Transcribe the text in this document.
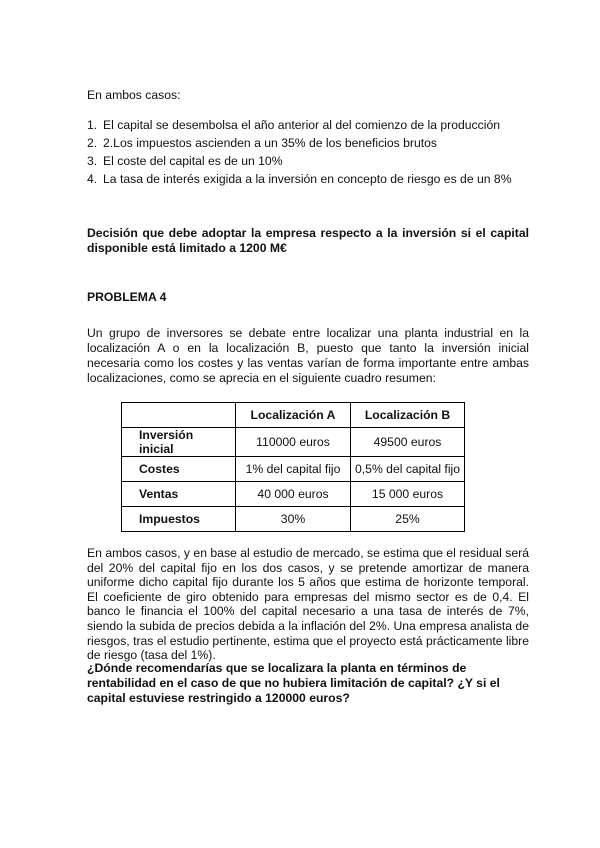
En ambos casos:
1. El capital se desembolsa el año anterior al del comienzo de la producción
2. 2.Los impuestos ascienden a un 35% de los beneficios brutos
3. El coste del capital es de un 10%
4. La tasa de interés exigida a la inversión en concepto de riesgo es de un 8%
Decisión que debe adoptar la empresa respecto a la inversión si el capital disponible está limitado a 1200 M€
PROBLEMA 4
Un grupo de inversores se debate entre localizar una planta industrial en la localización A o en la localización B, puesto que tanto la inversión inicial necesaria como los costes y las ventas varían de forma importante entre ambas localizaciones, como se aprecia en el siguiente cuadro resumen:
	Localización A	Localización B
Inversión inicial	110000 euros	49500 euros
Costes	1% del capital fijo	0,5% del capital fijo
Ventas	40 000 euros	15 000 euros
Impuestos	30%	25%
En ambos casos, y en base al estudio de mercado, se estima que el residual será del 20% del capital fijo en los dos casos, y se pretende amortizar de manera uniforme dicho capital fijo durante los 5 años que estima de horizonte temporal. El coeficiente de giro obtenido para empresas del mismo sector es de 0,4. El banco le financia el 100% del capital necesario a una tasa de interés de 7%, siendo la subida de precios debida a la inflación del 2%. Una empresa analista de riesgos, tras el estudio pertinente, estima que el proyecto está prácticamente libre de riesgo (tasa del 1%).
¿Dónde recomendarías que se localizara la planta en términos de rentabilidad en el caso de que no hubiera limitación de capital? ¿Y si el capital estuviese restringido a 120000 euros?
